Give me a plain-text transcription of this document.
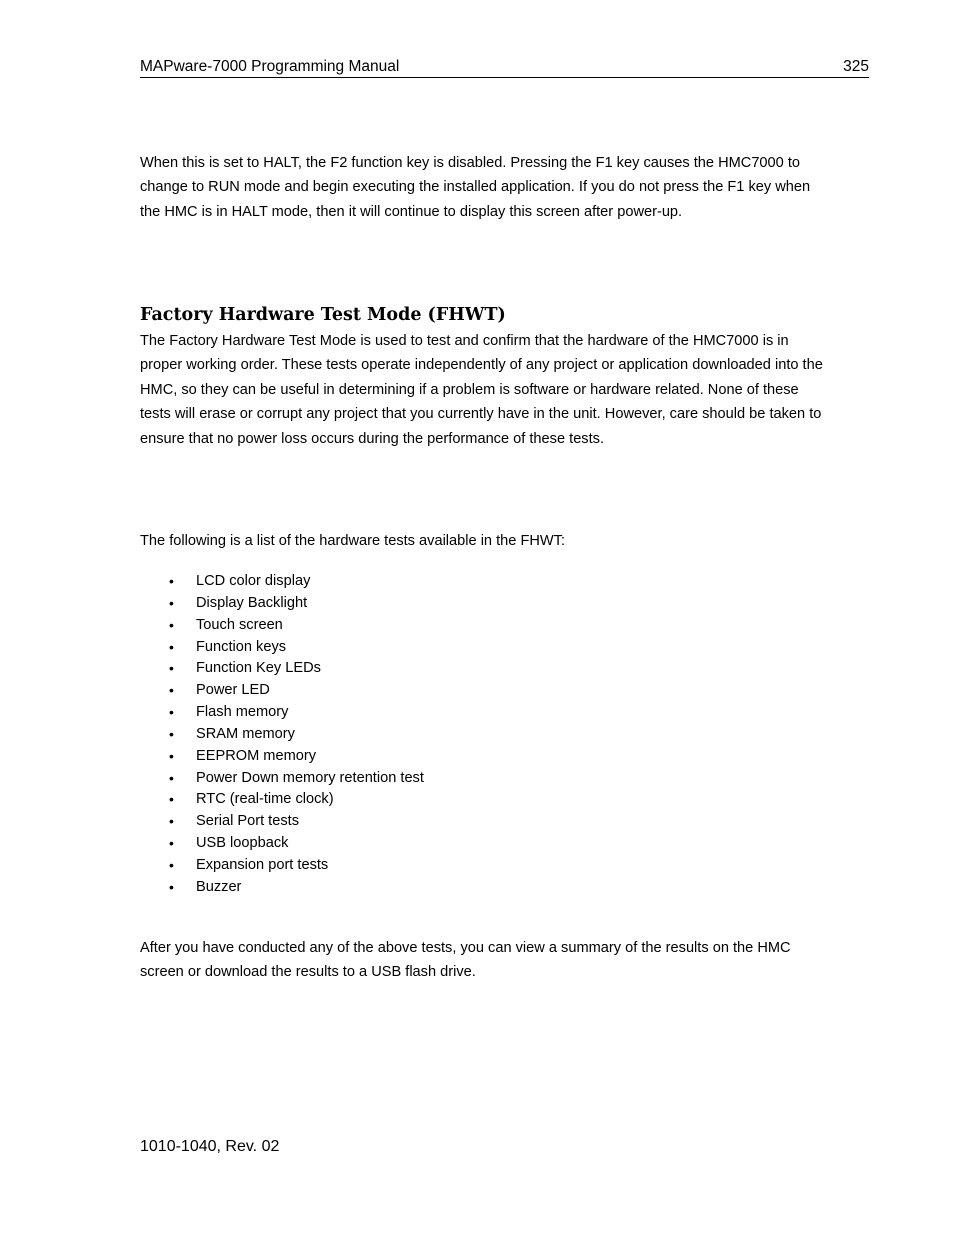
MAPware-7000 Programming Manual	325

When this is set to HALT, the F2 function key is disabled. Pressing the F1 key causes the HMC7000 to change to RUN mode and begin executing the installed application. If you do not press the F1 key when the HMC is in HALT mode, then it will continue to display this screen after power-up.

Factory Hardware Test Mode (FHWT)

The Factory Hardware Test Mode is used to test and confirm that the hardware of the HMC7000 is in proper working order. These tests operate independently of any project or application downloaded into the HMC, so they can be useful in determining if a problem is software or hardware related. None of these tests will erase or corrupt any project that you currently have in the unit. However, care should be taken to ensure that no power loss occurs during the performance of these tests.

The following is a list of the hardware tests available in the FHWT:

• LCD color display
• Display Backlight
• Touch screen
• Function keys
• Function Key LEDs
• Power LED
• Flash memory
• SRAM memory
• EEPROM memory
• Power Down memory retention test
• RTC (real-time clock)
• Serial Port tests
• USB loopback
• Expansion port tests
• Buzzer

After you have conducted any of the above tests, you can view a summary of the results on the HMC screen or download the results to a USB flash drive.

1010-1040, Rev. 02
